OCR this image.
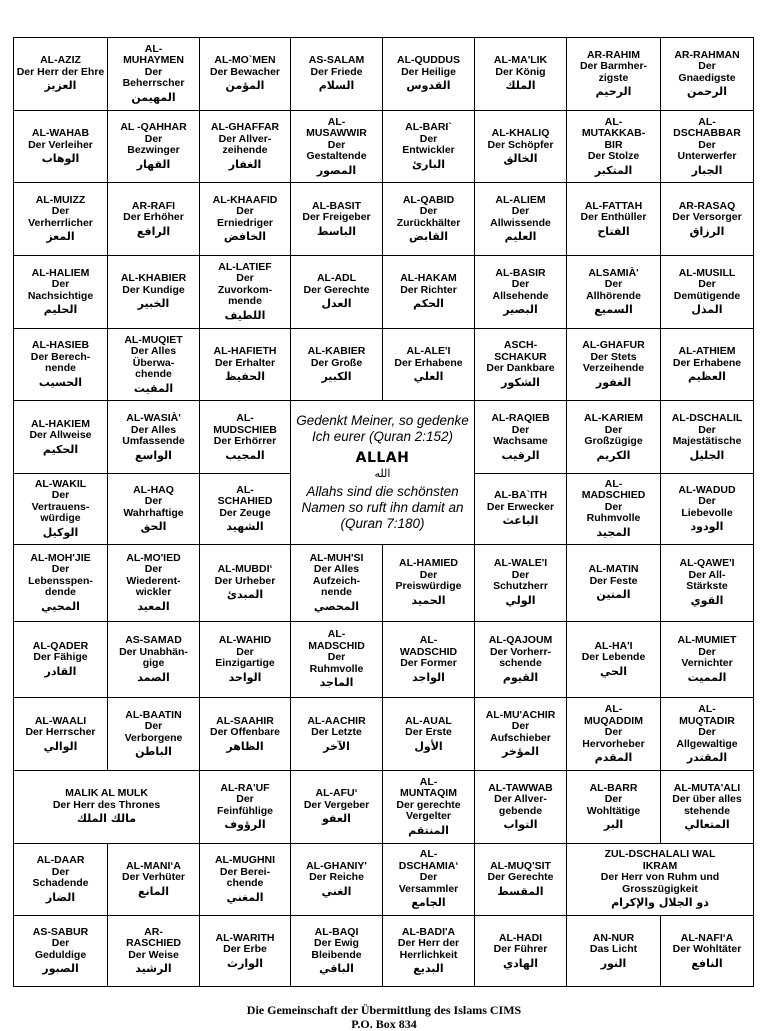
AL-AZIZ
Der Herr der Ehre
العزيز	AL-
MUHAYMEN
Der
Beherrscher
المهيمن	AL-MO`MEN
Der Bewacher
المؤمن	AS-SALAM
Der Friede
السلام	AL-QUDDUS
Der Heilige
القدوس	AL-MA'LIK
Der König
الملك	AR-RAHIM
Der Barmher-
zigste
الرحيم	AR-RAHMAN
Der
Gnaedigste
الرحمن

AL-WAHAB
Der Verleiher
الوهاب	AL -QAHHAR
Der
Bezwinger
القهار	AL-GHAFFAR
Der Allver-
zeihende
الغفار	AL-
MUSAWWIR
Der
Gestaltende
المصور	AL-BARI`
Der
Entwickler
البارئ	AL-KHALIQ
Der Schöpfer
الخالق	AL-
MUTAKKAB-
BIR
Der Stolze
المتكبر	AL-
DSCHABBAR
Der
Unterwerfer
الجبار

AL-MUIZZ
Der
Verherrlicher
المعز	AR-RAFI
Der Erhöher
الرافع	AL-KHAAFID
Der
Erniedriger
الخافض	AL-BASIT
Der Freigeber
الباسط	AL-QABID
Der
Zurückhälter
القابض	AL-ALIEM
Der
Allwissende
العليم	AL-FATTAH
Der Enthüller
الفتاح	AR-RASAQ
Der Versorger
الرزاق

AL-HALIEM
Der
Nachsichtige
الحليم	AL-KHABIER
Der Kundige
الخبير	AL-LATIEF
Der
Zuvorkom-
mende
اللطيف	AL-ADL
Der Gerechte
العدل	AL-HAKAM
Der Richter
الحكم	AL-BASIR
Der
Allsehende
البصير	ALSAMIÀ'
Der
Allhörende
السميع	AL-MUSILL
Der
Demütigende
المذل

AL-HASIEB
Der Berech-
nende
الحسيب	AL-MUQIET
Der Alles
Überwa-
chende
المقيت	AL-HAFIETH
Der Erhalter
الحفيظ	AL-KABIER
Der Große
الكبير	AL-ALE'I
Der Erhabene
العلي	ASCH-
SCHAKUR
Der Dankbare
الشكور	AL-GHAFUR
Der Stets
Verzeihende
الغفور	AL-ATHIEM
Der Erhabene
العظيم

AL-HAKIEM
Der Allweise
الحكيم	AL-WASIÀ'
Der Alles
Umfassende
الواسع	AL-
MUDSCHIEB
Der Erhörrer
المجيب	Gedenkt Meiner, so gedenke Ich eurer (Quran 2:152)
ALLAH
الله
Allahs sind die schönsten Namen so ruft ihn damit an (Quran 7:180)		AL-RAQIEB
Der
Wachsame
الرقيب	AL-KARIEM
Der
Großzügige
الكريم	AL-DSCHALIL
Der
Majestätische
الجليل

AL-WAKIL
Der
Vertrauens-
würdige
الوكيل	AL-HAQ
Der
Wahrhaftige
الحق	AL-
SCHAHIED
Der Zeuge
الشهيد			AL-BA`ITH
Der Erwecker
الباعث	AL-
MADSCHIED
Der
Ruhmvolle
المجيد	AL-WADUD
Der
Liebevolle
الودود

AL-MOH'JIE
Der
Lebensspen-
dende
المحيي	AL-MO'IED
Der
Wiederent-
wickler
المعيد	AL-MUBDI‘
Der Urheber
المبدئ	AL-MUH'SI
Der Alles
Aufzeich-
nende
المحصي	AL-HAMIED
Der
Preiswürdige
الحميد	AL-WALE'I
Der
Schutzherr
الولي	AL-MATIN
Der Feste
المتين	AL-QAWE'I
Der All-
Stärkste
القوي

AL-QADER
Der Fähige
القادر	AS-SAMAD
Der Unabhän-
gige
الصمد	AL-WAHID
Der
Einzigartige
الواحد	AL-
MADSCHID
Der
Ruhmvolle
الماجد	AL-
WADSCHID
Der Former
الواجد	AL-QAJOUM
Der Vorherr-
schende
القيوم	AL-HA'I
Der Lebende
الحي	AL-MUMIET
Der
Vernichter
المميت

AL-WAALI
Der Herrscher
الوالي	AL-BAATIN
Der
Verborgene
الباطن	AL-SAAHIR
Der Offenbare
الظاهر	AL-AACHIR
Der Letzte
الآخر	AL-AUAL
Der Erste
الأول	AL-MU'ACHIR
Der
Aufschieber
المؤخر	AL-
MUQADDIM
Der
Hervorheber
المقدم	AL-
MUQTADIR
Der
Allgewaltige
المقتدر

MALIK AL MULK
Der Herr des Thrones
مالك الملك		AL-RA'UF
Der
Feinfühlige
الرؤوف	AL-AFU‘
Der Vergeber
العفو	AL-
MUNTAQIM
Der gerechte
Vergelter
المنتقم	AL-TAWWAB
Der Allver-
gebende
التواب	AL-BARR
Der
Wohltätige
البر	AL-MUTA'ALI
Der über alles
stehende
المتعالي

AL-DAAR
Der
Schadende
الضار	AL-MANI‘A
Der Verhüter
المانع	AL-MUGHNI
Der Berei-
chende
المغني	AL-GHANIY'
Der Reiche
الغني	AL-
DSCHAMIA‘
Der
Versammler
الجامع	AL-MUQ'SIT
Der Gerechte
المقسط	ZUL-DSCHALALI WAL
IKRAM
Der Herr von Ruhm und
Grosszügigkeit
ذو الجلال والإكرام	

AS-SABUR
Der
Geduldige
الصبور	AR-
RASCHIED
Der Weise
الرشيد	AL-WARITH
Der Erbe
الوارث	AL-BAQI
Der Ewig
Bleibende
الباقي	AL-BADI'A
Der Herr der
Herrlichkeit
البديع	AL-HADI
Der Führer
الهادي	AN-NUR
Das Licht
النور	AL-NAFI‘A
Der Wohltäter
النافع
Die Gemeinschaft der Übermittlung des Islams CIMS
P.O. Box 834
